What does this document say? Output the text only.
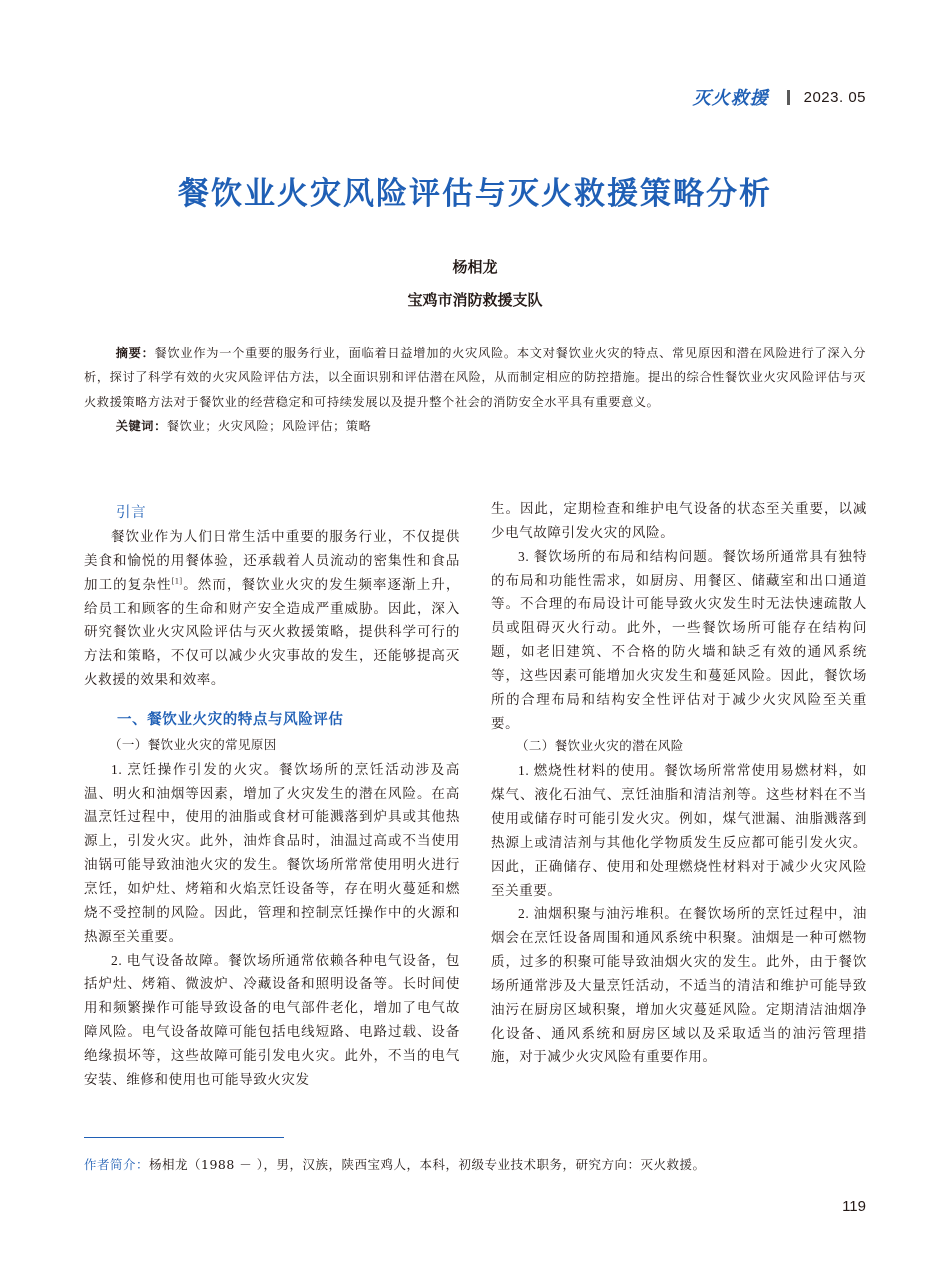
灭火救援 2023. 05
餐饮业火灾风险评估与灭火救援策略分析
杨相龙
宝鸡市消防救援支队

摘要：餐饮业作为一个重要的服务行业，面临着日益增加的火灾风险。本文对餐饮业火灾的特点、常见原因和潜在风险进行了深入分析，探讨了科学有效的火灾风险评估方法，以全面识别和评估潜在风险，从而制定相应的防控措施。提出的综合性餐饮业火灾风险评估与灭火救援策略方法对于餐饮业的经营稳定和可持续发展以及提升整个社会的消防安全水平具有重要意义。

关键词：餐饮业；火灾风险；风险评估；策略

引言

餐饮业作为人们日常生活中重要的服务行业，不仅提供美食和愉悦的用餐体验，还承载着人员流动的密集性和食品加工的复杂性[1]。然而，餐饮业火灾的发生频率逐渐上升，给员工和顾客的生命和财产安全造成严重威胁。因此，深入研究餐饮业火灾风险评估与灭火救援策略，提供科学可行的方法和策略，不仅可以减少火灾事故的发生，还能够提高灭火救援的效果和效率。

一、餐饮业火灾的特点与风险评估

（一）餐饮业火灾的常见原因

1. 烹饪操作引发的火灾。餐饮场所的烹饪活动涉及高温、明火和油烟等因素，增加了火灾发生的潜在风险。在高温烹饪过程中，使用的油脂或食材可能溅落到炉具或其他热源上，引发火灾。此外，油炸食品时，油温过高或不当使用油锅可能导致油池火灾的发生。餐饮场所常常使用明火进行烹饪，如炉灶、烤箱和火焰烹饪设备等，存在明火蔓延和燃烧不受控制的风险。因此，管理和控制烹饪操作中的火源和热源至关重要。

2. 电气设备故障。餐饮场所通常依赖各种电气设备，包括炉灶、烤箱、微波炉、冷藏设备和照明设备等。长时间使用和频繁操作可能导致设备的电气部件老化，增加了电气故障风险。电气设备故障可能包括电线短路、电路过载、设备绝缘损坏等，这些故障可能引发电火灾。此外，不当的电气安装、维修和使用也可能导致火灾发

生。因此，定期检查和维护电气设备的状态至关重要，以减少电气故障引发火灾的风险。

3. 餐饮场所的布局和结构问题。餐饮场所通常具有独特的布局和功能性需求，如厨房、用餐区、储藏室和出口通道等。不合理的布局设计可能导致火灾发生时无法快速疏散人员或阻碍灭火行动。此外，一些餐饮场所可能存在结构问题，如老旧建筑、不合格的防火墙和缺乏有效的通风系统等，这些因素可能增加火灾发生和蔓延风险。因此，餐饮场所的合理布局和结构安全性评估对于减少火灾风险至关重要。

（二）餐饮业火灾的潜在风险

1. 燃烧性材料的使用。餐饮场所常常使用易燃材料，如煤气、液化石油气、烹饪油脂和清洁剂等。这些材料在不当使用或储存时可能引发火灾。例如，煤气泄漏、油脂溅落到热源上或清洁剂与其他化学物质发生反应都可能引发火灾。因此，正确储存、使用和处理燃烧性材料对于减少火灾风险至关重要。

2. 油烟积聚与油污堆积。在餐饮场所的烹饪过程中，油烟会在烹饪设备周围和通风系统中积聚。油烟是一种可燃物质，过多的积聚可能导致油烟火灾的发生。此外，由于餐饮场所通常涉及大量烹饪活动，不适当的清洁和维护可能导致油污在厨房区域积聚，增加火灾蔓延风险。定期清洁油烟净化设备、通风系统和厨房区域以及采取适当的油污管理措施，对于减少火灾风险有重要作用。

作者简介：杨相龙（1988 － ），男，汉族，陕西宝鸡人，本科，初级专业技术职务，研究方向：灭火救援。
119
